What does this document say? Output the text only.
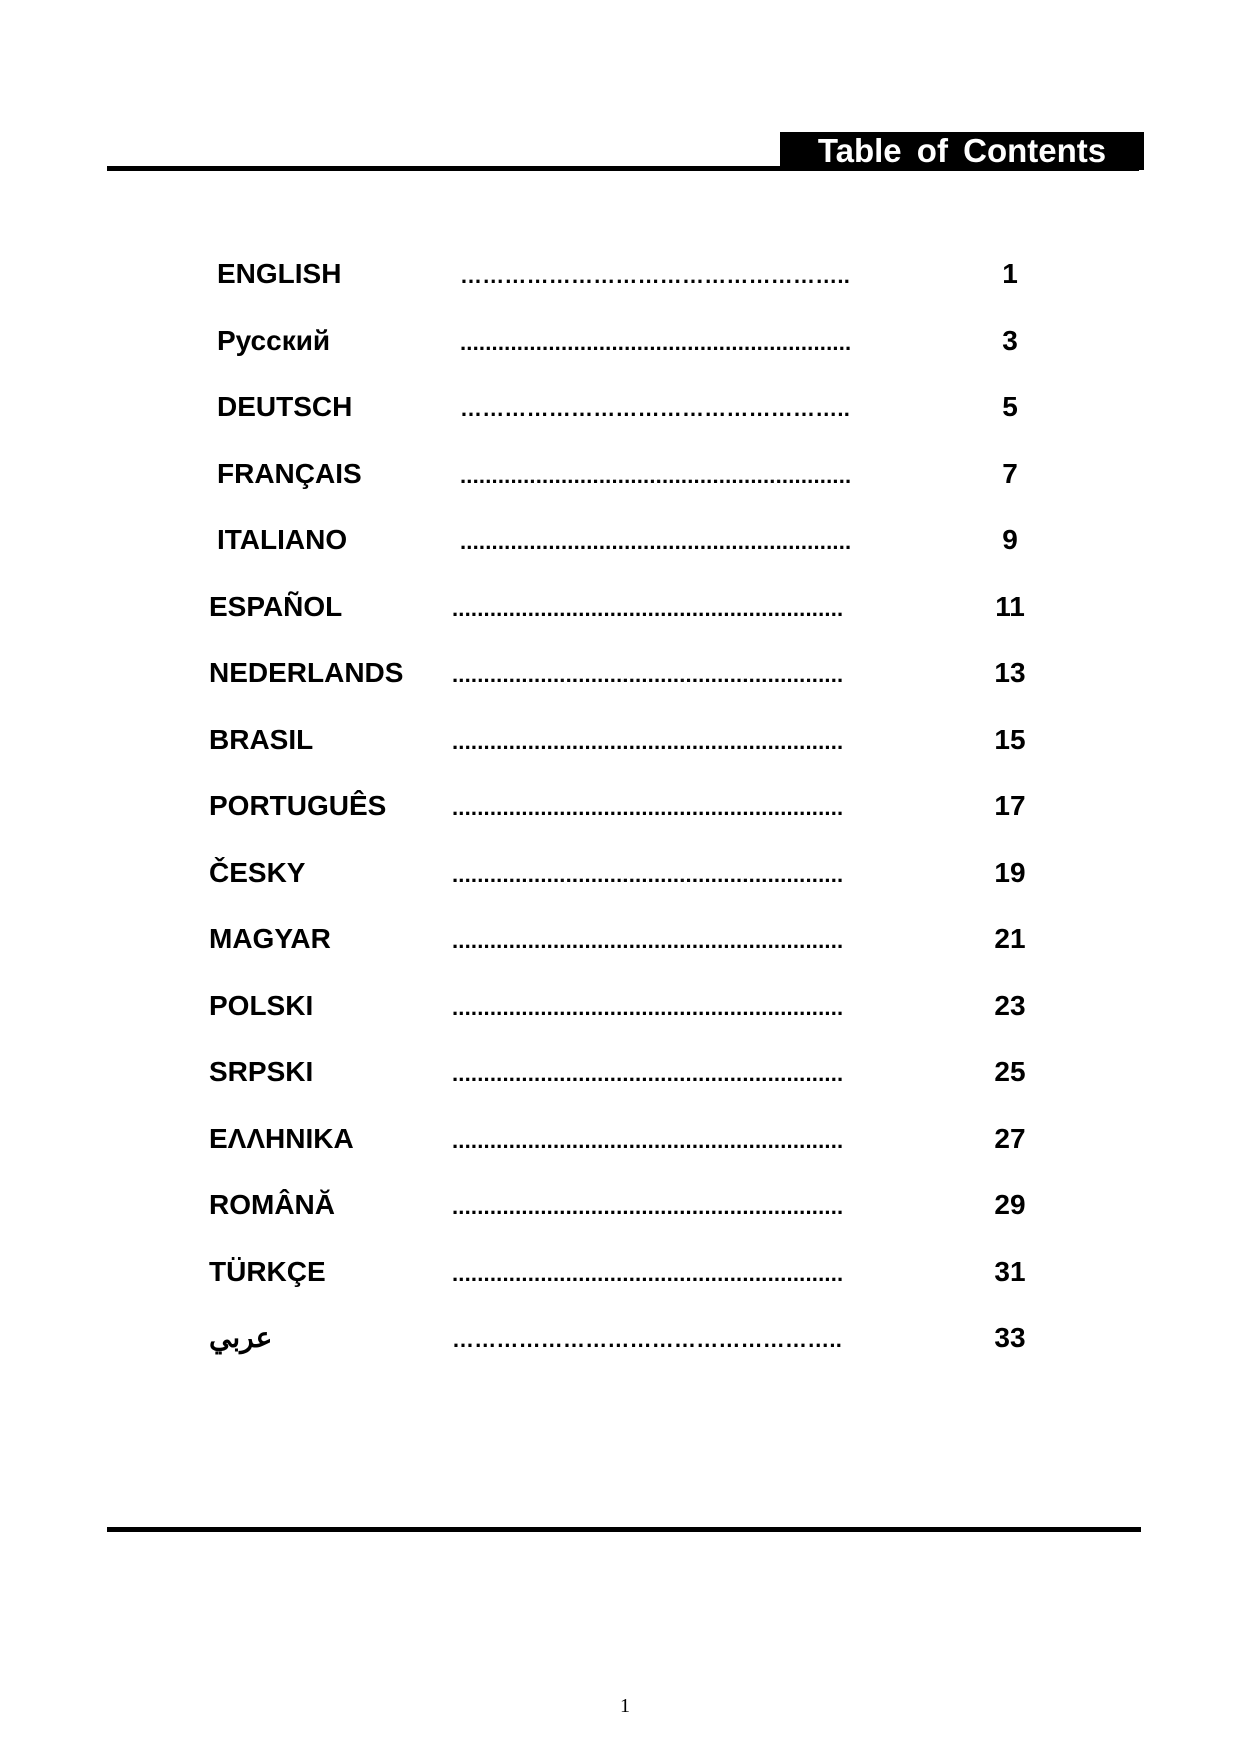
Table of Contents
ENGLISH	……………………………………………..	1
Русский	..............................................................	3
DEUTSCH	……………………………………………..	5
FRANÇAIS	..............................................................	7
ITALIANO	..............................................................	9
ESPAÑOL	..............................................................	11
NEDERLANDS ..............................................................	13
BRASIL	..............................................................	15
PORTUGUÊS	..............................................................	17
ČESKY	..............................................................	19
MAGYAR	..............................................................	21
POLSKI	..............................................................	23
SRPSKI	..............................................................	25
ΕΛΛΗΝΙΚΑ	..............................................................	27
ROMÂNĂ	..............................................................	29
TÜRKÇE	..............................................................	31
عربي	……………………………………………..	33
1
